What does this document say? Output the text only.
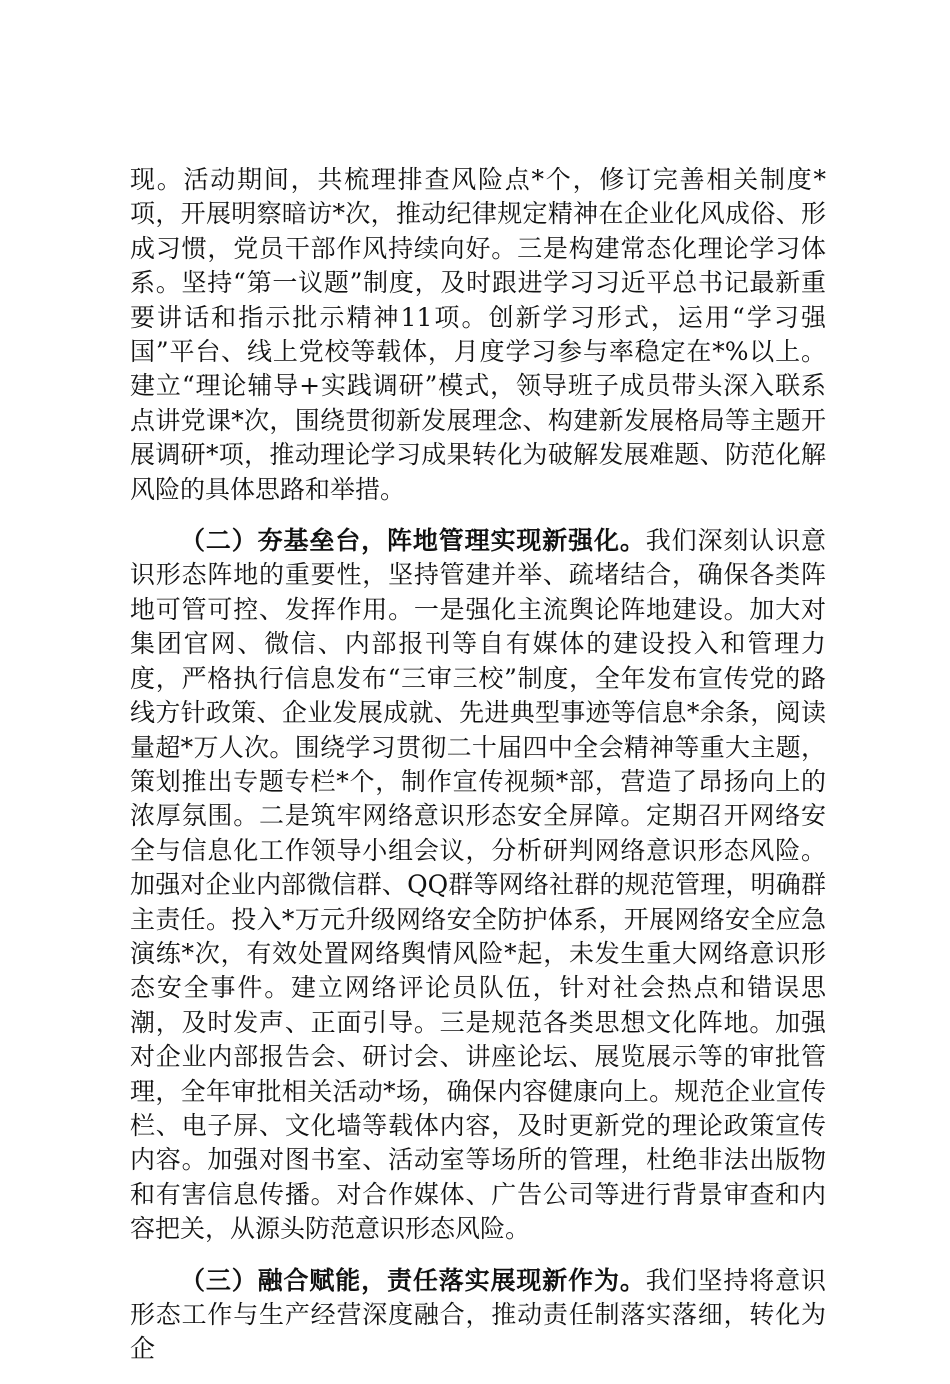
现。活动期间，共梳理排查风险点*个，修订完善相关制度*项，开展明察暗访*次，推动纪律规定精神在企业化风成俗、形成习惯，党员干部作风持续向好。三是构建常态化理论学习体系。坚持“第一议题”制度，及时跟进学习习近平总书记最新重要讲话和指示批示精神11项。创新学习形式，运用“学习强国”平台、线上党校等载体，月度学习参与率稳定在*%以上。建立“理论辅导+实践调研”模式，领导班子成员带头深入联系点讲党课*次，围绕贯彻新发展理念、构建新发展格局等主题开展调研*项，推动理论学习成果转化为破解发展难题、防范化解风险的具体思路和举措。

（二）夯基垒台，阵地管理实现新强化。我们深刻认识意识形态阵地的重要性，坚持管建并举、疏堵结合，确保各类阵地可管可控、发挥作用。一是强化主流舆论阵地建设。加大对集团官网、微信、内部报刊等自有媒体的建设投入和管理力度，严格执行信息发布“三审三校”制度，全年发布宣传党的路线方针政策、企业发展成就、先进典型事迹等信息*余条，阅读量超*万人次。围绕学习贯彻二十届四中全会精神等重大主题，策划推出专题专栏*个，制作宣传视频*部，营造了昂扬向上的浓厚氛围。二是筑牢网络意识形态安全屏障。定期召开网络安全与信息化工作领导小组会议，分析研判网络意识形态风险。加强对企业内部微信群、QQ群等网络社群的规范管理，明确群主责任。投入*万元升级网络安全防护体系，开展网络安全应急演练*次，有效处置网络舆情风险*起，未发生重大网络意识形态安全事件。建立网络评论员队伍，针对社会热点和错误思潮，及时发声、正面引导。三是规范各类思想文化阵地。加强对企业内部报告会、研讨会、讲座论坛、展览展示等的审批管理，全年审批相关活动*场，确保内容健康向上。规范企业宣传栏、电子屏、文化墙等载体内容，及时更新党的理论政策宣传内容。加强对图书室、活动室等场所的管理，杜绝非法出版物和有害信息传播。对合作媒体、广告公司等进行背景审查和内容把关，从源头防范意识形态风险。

（三）融合赋能，责任落实展现新作为。我们坚持将意识形态工作与生产经营深度融合，推动责任制落实落细，转化为企
